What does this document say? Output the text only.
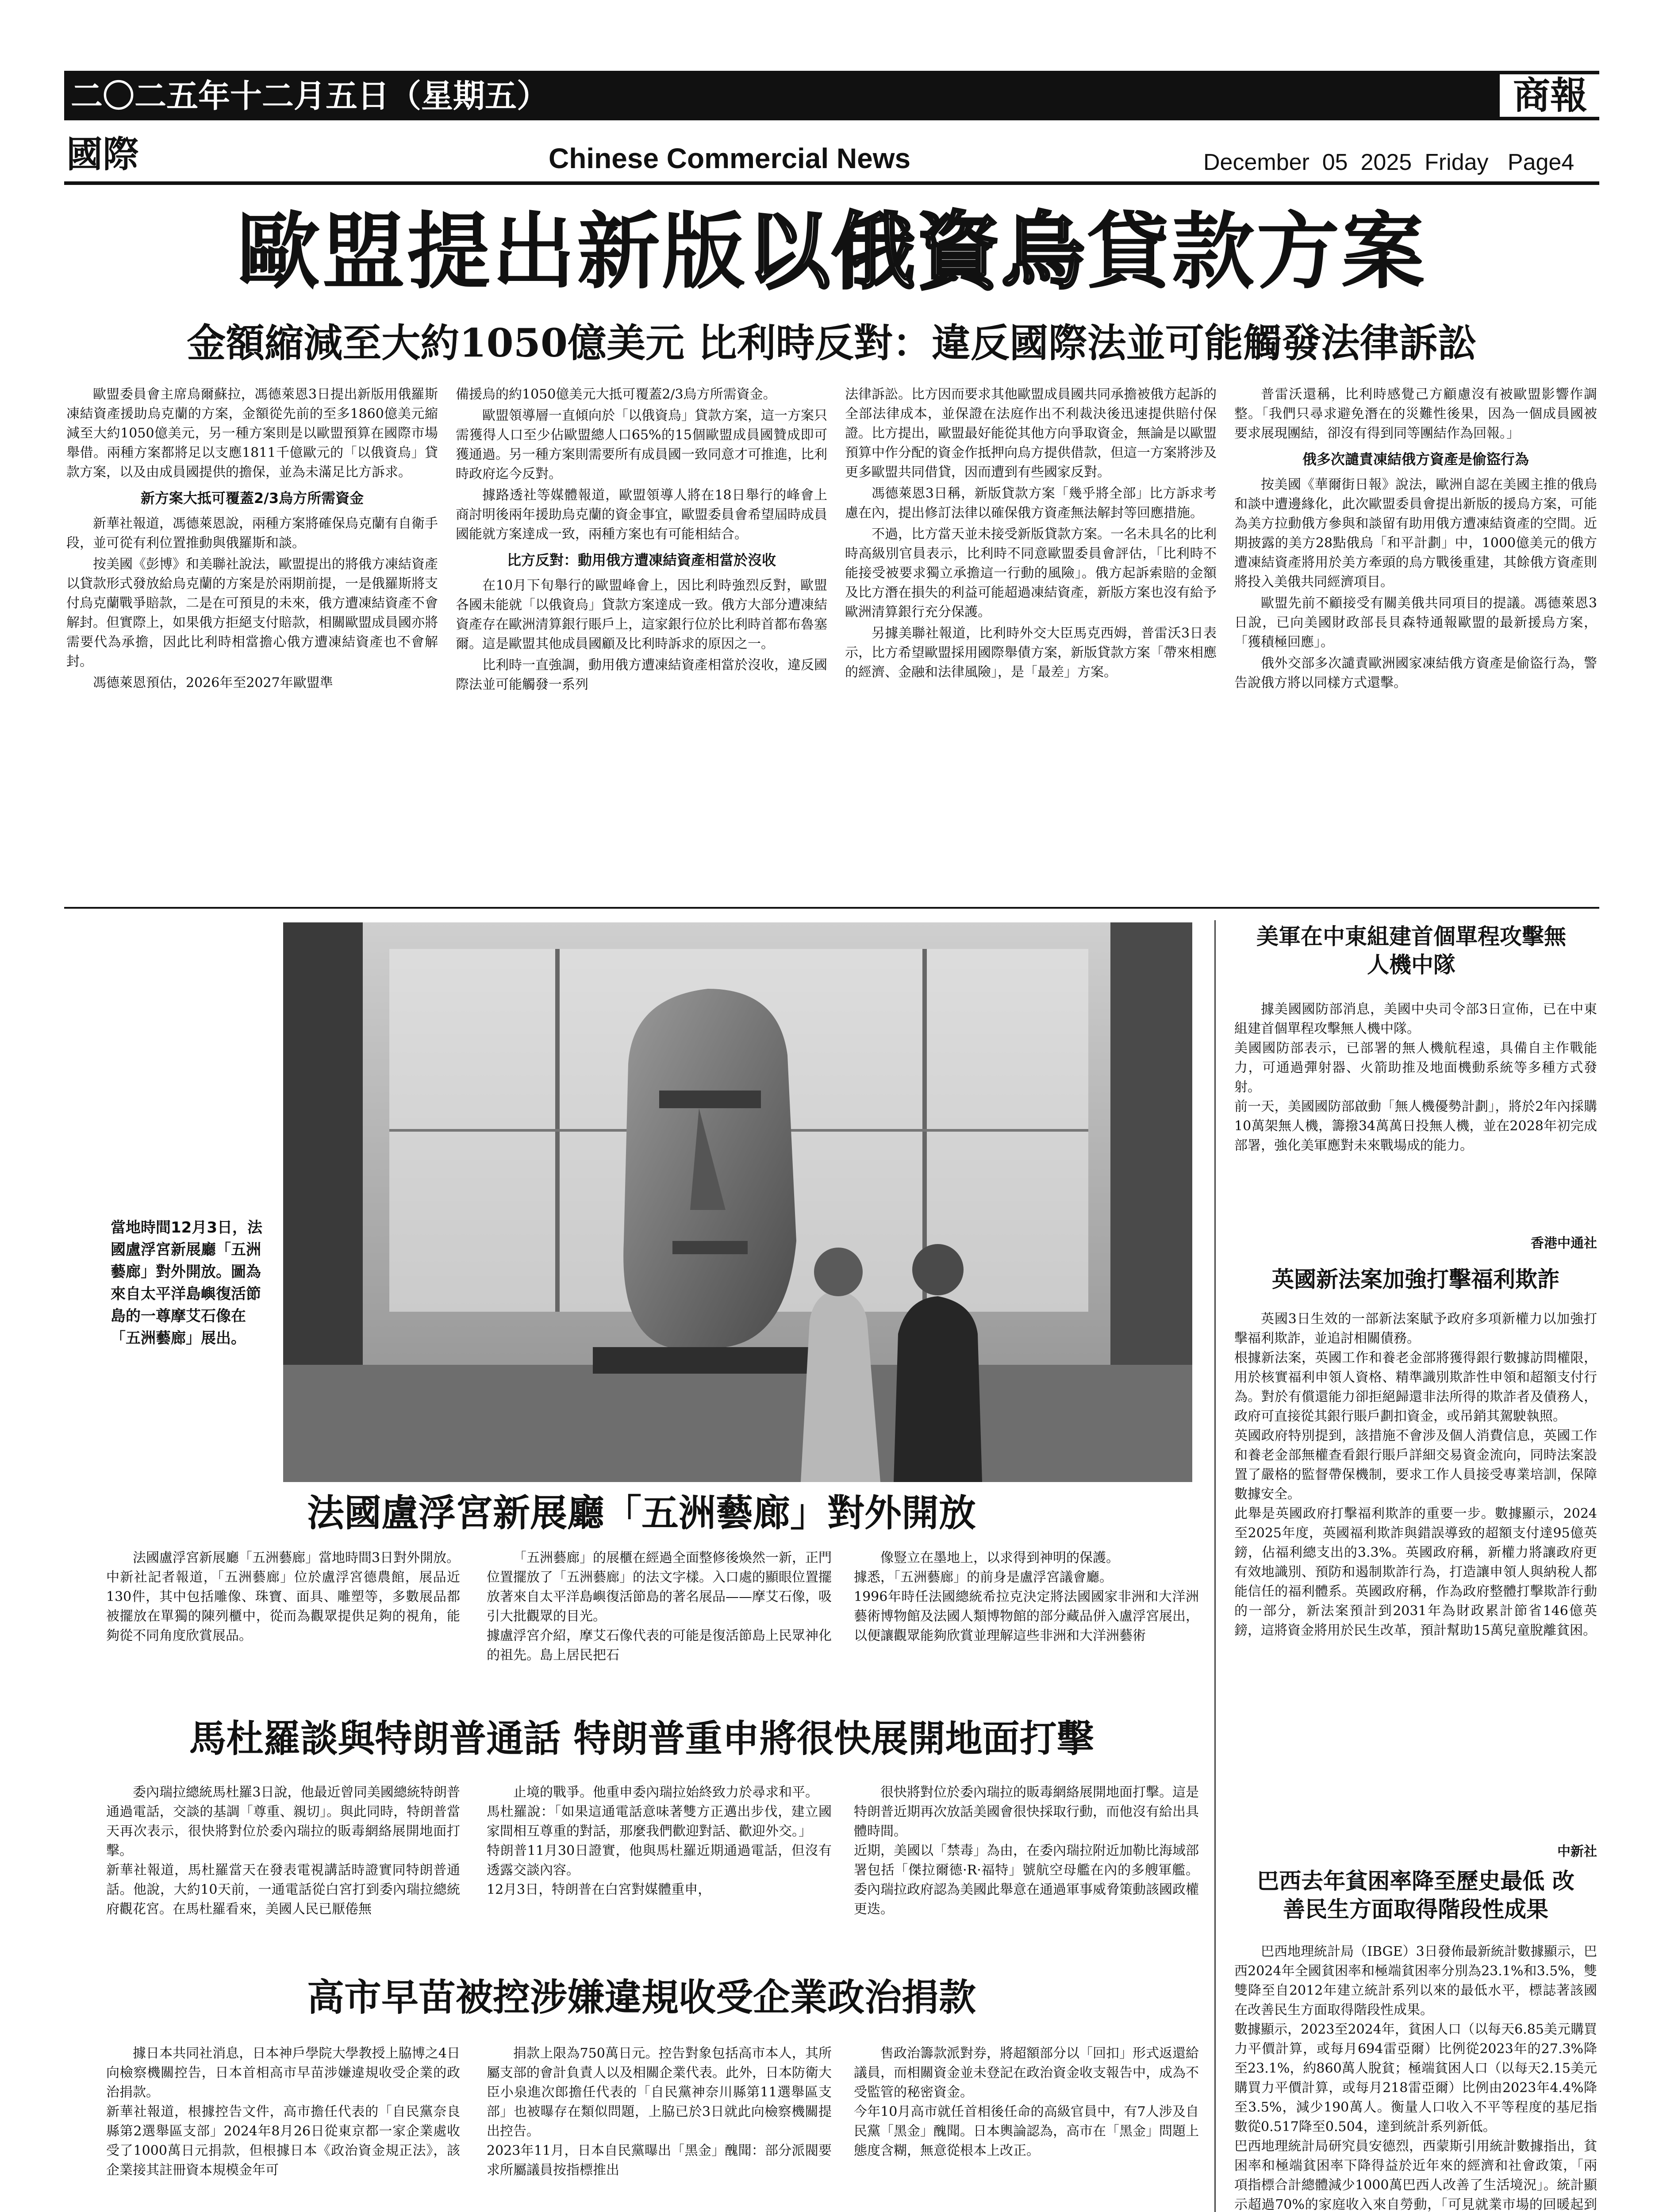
二〇二五年十二月五日（星期五）	商報
國際	Chinese Commercial News	December  05  2025  Friday   Page4
歐盟提出新版以俄資烏貸款方案
金額縮減至大約1050億美元 比利時反對：違反國際法並可能觸發法律訴訟

歐盟委員會主席烏爾蘇拉，馮德萊恩3日提出新版用俄羅斯凍結資產援助烏克蘭的方案，金額從先前的至多1860億美元縮減至大約1050億美元，另一種方案則是以歐盟預算在國際市場舉借。兩種方案都將足以支應1811千億歐元的「以俄資烏」貸款方案，以及由成員國提供的擔保，並為未滿足比方訴求。

新方案大抵可覆蓋2/3烏方所需資金

新華社報道，馮德萊恩說，兩種方案將確保烏克蘭有自衛手段，並可從有利位置推動與俄羅斯和談。

按美國《彭博》和美聯社說法，歐盟提出的將俄方凍結資產以貸款形式發放給烏克蘭的方案是於兩期前提，一是俄羅斯將支付烏克蘭戰爭賠款，二是在可預見的未來，俄方遭凍結資產不會解封。但實際上，如果俄方拒絕支付賠款，相關歐盟成員國亦將需要代為承擔，因此比利時相當擔心俄方遭凍結資產也不會解封。

馮德萊恩預估，2026年至2027年歐盟準

備援烏的約1050億美元大抵可覆蓋2/3烏方所需資金。

歐盟領導層一直傾向於「以俄資烏」貸款方案，這一方案只需獲得人口至少佔歐盟總人口65%的15個歐盟成員國贊成即可獲通過。另一種方案則需要所有成員國一致同意才可推進，比利時政府迄今反對。

據路透社等媒體報道，歐盟領導人將在18日舉行的峰會上商討明後兩年援助烏克蘭的資金事宜，歐盟委員會希望屆時成員國能就方案達成一致，兩種方案也有可能相結合。

比方反對：動用俄方遭凍結資產相當於沒收

在10月下旬舉行的歐盟峰會上，因比利時強烈反對，歐盟各國未能就「以俄資烏」貸款方案達成一致。俄方大部分遭凍結資產存在歐洲清算銀行賬戶上，這家銀行位於比利時首都布魯塞爾。這是歐盟其他成員國顧及比利時訴求的原因之一。

比利時一直強調，動用俄方遭凍結資產相當於沒收，違反國際法並可能觸發一系列

法律訴訟。比方因而要求其他歐盟成員國共同承擔被俄方起訴的全部法律成本，並保證在法庭作出不利裁決後迅速提供賠付保證。比方提出，歐盟最好能從其他方向爭取資金，無論是以歐盟預算中作分配的資金作抵押向烏方提供借款，但這一方案將涉及更多歐盟共同借貸，因而遭到有些國家反對。

馮德萊恩3日稱，新版貸款方案「幾乎將全部」比方訴求考慮在內，提出修訂法律以確保俄方資產無法解封等回應措施。

不過，比方當天並未接受新版貸款方案。一名未具名的比利時高級別官員表示，比利時不同意歐盟委員會評估，「比利時不能接受被要求獨立承擔這一行動的風險」。俄方起訴索賠的金額及比方潛在損失的利益可能超過凍結資產，新版方案也沒有給予歐洲清算銀行充分保護。

另據美聯社報道，比利時外交大臣馬克西姆，普雷沃3日表示，比方希望歐盟採用國際舉債方案，新版貸款方案「帶來相應的經濟、金融和法律風險」，是「最差」方案。

普雷沃還稱，比利時感覺己方顧慮沒有被歐盟影響作調整。「我們只尋求避免潛在的災難性後果，因為一個成員國被要求展現團結，卻沒有得到同等團結作為回報。」

俄多次譴責凍結俄方資產是偷盜行為

按美國《華爾街日報》說法，歐洲自認在美國主推的俄烏和談中遭邊緣化，此次歐盟委員會提出新版的援烏方案，可能為美方拉動俄方參與和談留有助用俄方遭凍結資產的空間。近期披露的美方28點俄烏「和平計劃」中，1000億美元的俄方遭凍結資產將用於美方牽頭的烏方戰後重建，其餘俄方資產則將投入美俄共同經濟項目。

歐盟先前不顧接受有關美俄共同項目的提議。馮德萊恩3日說，已向美國財政部長貝森特通報歐盟的最新援烏方案，「獲積極回應」。

俄外交部多次譴責歐洲國家凍結俄方資產是偷盜行為，警告說俄方將以同樣方式還擊。

當地時間12月3日，法國盧浮宮新展廳「五洲藝廊」對外開放。圖為來自太平洋島嶼復活節島的一尊摩艾石像在「五洲藝廊」展出。
法國盧浮宮新展廳「五洲藝廊」對外開放
法國盧浮宮新展廳「五洲藝廊」當地時間3日對外開放。
中新社記者報道，「五洲藝廊」位於盧浮宮德農館，展品近130件，其中包括雕像、珠寶、面具、雕塑等，多數展品都被擺放在單獨的陳列櫃中，從而為觀眾提供足夠的視角，能夠從不同角度欣賞展品。
「五洲藝廊」的展櫃在經過全面整修後煥然一新，正門位置擺放了「五洲藝廊」的法文字樣。入口處的顯眼位置擺放著來自太平洋島嶼復活節島的著名展品——摩艾石像，吸引大批觀眾的目光。
據盧浮宮介紹，摩艾石像代表的可能是復活節島上民眾神化的祖先。島上居民把石
像豎立在墨地上，以求得到神明的保護。
據悉，「五洲藝廊」的前身是盧浮宮議會廳。
1996年時任法國總統希拉克決定將法國國家非洲和大洋洲藝術博物館及法國人類博物館的部分藏品併入盧浮宮展出，以便讓觀眾能夠欣賞並理解這些非洲和大洋洲藝術
馬杜羅談與特朗普通話 特朗普重申將很快展開地面打擊
委內瑞拉總統馬杜羅3日說，他最近曾同美國總統特朗普通過電話，交談的基調「尊重、親切」。與此同時，特朗普當天再次表示，很快將對位於委內瑞拉的販毒網絡展開地面打擊。
新華社報道，馬杜羅當天在發表電視講話時證實同特朗普通話。他說，大約10天前，一通電話從白宮打到委內瑞拉總統府觀花宮。在馬杜羅看來，美國人民已厭倦無
止境的戰爭。他重申委內瑞拉始終致力於尋求和平。
馬杜羅說：「如果這通電話意味著雙方正邁出步伐，建立國家間相互尊重的對話，那麼我們歡迎對話、歡迎外交。」
特朗普11月30日證實，他與馬杜羅近期通過電話，但沒有透露交談內容。
12月3日，特朗普在白宮對媒體重申，
很快將對位於委內瑞拉的販毒網絡展開地面打擊。這是特朗普近期再次放話美國會很快採取行動，而他沒有給出具體時間。
近期，美國以「禁毒」為由，在委內瑞拉附近加勒比海域部署包括「傑拉爾德·R·福特」號航空母艦在內的多艘軍艦。委內瑞拉政府認為美國此舉意在通過軍事威脅策動該國政權更迭。
高市早苗被控涉嫌違規收受企業政治捐款
據日本共同社消息，日本神戶學院大學教授上脇博之4日向檢察機關控告，日本首相高市早苗涉嫌違規收受企業的政治捐款。
新華社報道，根據控告文件，高市擔任代表的「自民黨奈良縣第2選舉區支部」2024年8月26日從東京都一家企業處收受了1000萬日元捐款，但根據日本《政治資金規正法》，該企業接其註冊資本規模金年可
捐款上限為750萬日元。控告對象包括高市本人，其所屬支部的會計負責人以及相關企業代表。此外，日本防衛大臣小泉進次郎擔任代表的「自民黨神奈川縣第11選舉區支部」也被曝存在類似問題，上脇已於3日就此向檢察機關提出控告。
2023年11月，日本自民黨曝出「黑金」醜聞：部分派閥要求所屬議員按指標推出
售政治籌款派對券，將超額部分以「回扣」形式返還給議員，而相關資金並未登記在政治資金收支報告中，成為不受監管的秘密資金。
今年10月高市就任首相後任命的高級官員中，有7人涉及自民黨「黑金」醜聞。日本輿論認為，高市在「黑金」問題上態度含糊，無意從根本上改正。
美軍在中東組建首個單程攻擊無人機中隊
據美國國防部消息，美國中央司令部3日宣佈，已在中東組建首個單程攻擊無人機中隊。
美國國防部表示，已部署的無人機航程遠，具備自主作戰能力，可通過彈射器、火箭助推及地面機動系統等多種方式發射。
前一天，美國國防部啟動「無人機優勢計劃」，將於2年內採購10萬架無人機，籌撥34萬萬日投無人機，並在2028年初完成部署，強化美軍應對未來戰場成的能力。
香港中通社
英國新法案加強打擊福利欺詐
英國3日生效的一部新法案賦予政府多項新權力以加強打擊福利欺詐，並追討相關債務。
根據新法案，英國工作和養老金部將獲得銀行數據訪問權限，用於核實福利申領人資格、精準識別欺詐性申領和超額支付行為。對於有償還能力卻拒絕歸還非法所得的欺詐者及債務人，政府可直接從其銀行賬戶劃扣資金，或吊銷其駕駛執照。
英國政府特別提到，該措施不會涉及個人消費信息，英國工作和養老金部無權查看銀行賬戶詳細交易資金流向，同時法案設置了嚴格的監督帶保機制，要求工作人員接受專業培訓，保障數據安全。
此舉是英國政府打擊福利欺詐的重要一步。數據顯示，2024至2025年度，英國福利欺詐與錯誤導致的超額支付達95億英鎊，佔福利總支出的3.3%。英國政府稱，新權力將讓政府更有效地識別、預防和遏制欺詐行為，打造讓申領人與納稅人都能信任的福利體系。英國政府稱，作為政府整體打擊欺詐行動的一部分，新法案預計到2031年為財政累計節省146億英鎊，這將資金將用於民生改革，預計幫助15萬兒童脫離貧困。
中新社
巴西去年貧困率降至歷史最低 改善民生方面取得階段性成果
巴西地理統計局（IBGE）3日發佈最新統計數據顯示，巴西2024年全國貧困率和極端貧困率分別為23.1%和3.5%，雙雙降至自2012年建立統計系列以來的最低水平，標誌著該國在改善民生方面取得階段性成果。
數據顯示，2023至2024年，貧困人口（以每天6.85美元購買力平價計算，或每月694雷亞爾）比例從2023年的27.3%降至23.1%，約860萬人脫貧；極端貧困人口（以每天2.15美元購買力平價計算，或每月218雷亞爾）比例由2023年4.4%降至3.5%，減少190萬人。衡量人口收入不平等程度的基尼指數從0.517降至0.504，達到統計系列新低。
巴西地理統計局研究員安德烈，西蒙斯引用統計數據指出，貧困率和極端貧困率下降得益於近年來的經濟和社會政策，「兩項指標合計總體減少1000萬巴西人改善了生活境況」。統計顯示超過70%的家庭收入來自勞動，「可見就業市場的回暖起到
